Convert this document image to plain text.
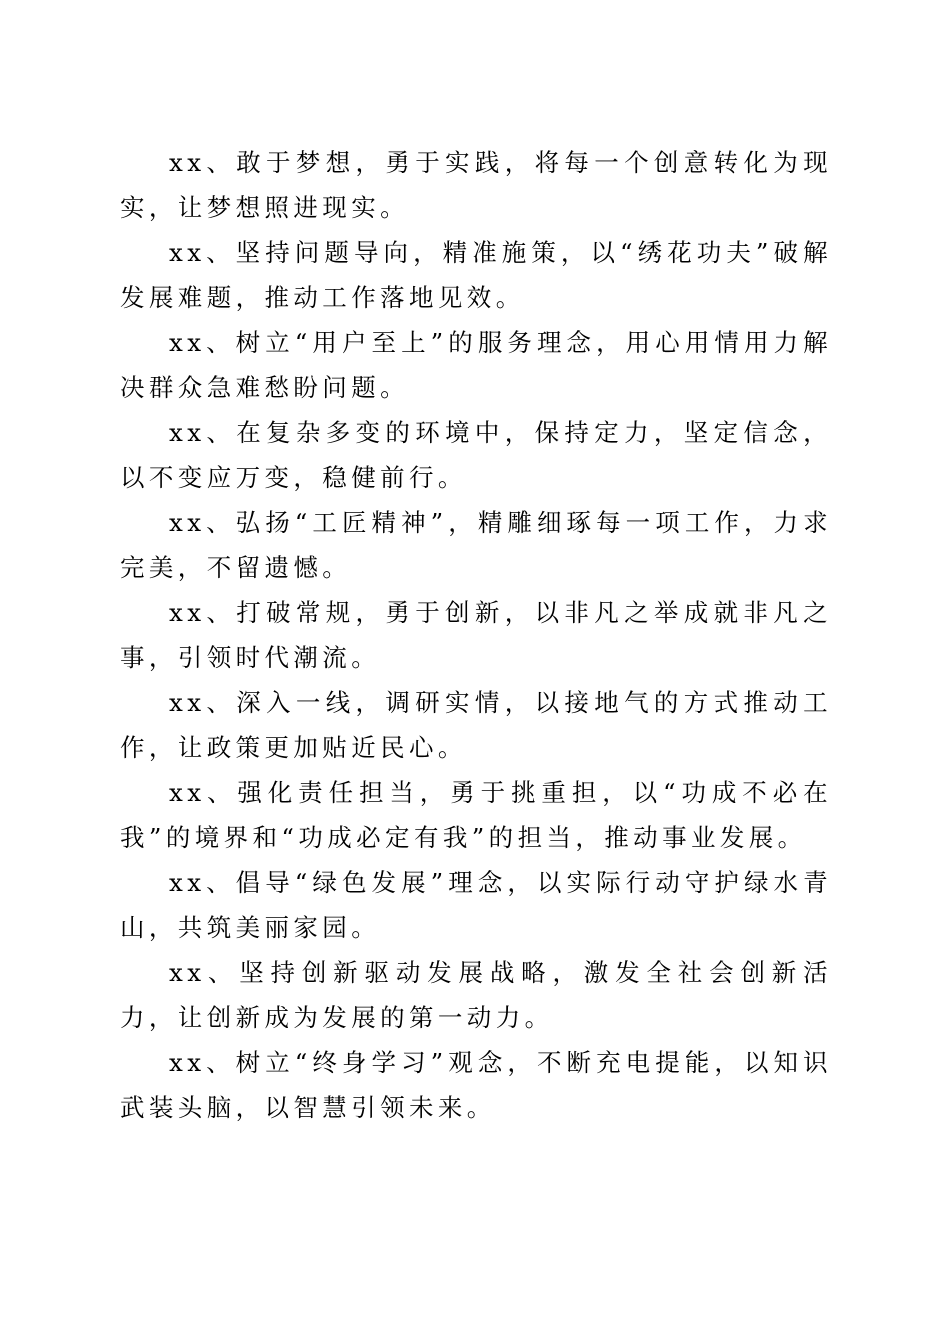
xx、敢于梦想，勇于实践，将每一个创意转化为现实，让梦想照进现实。

xx、坚持问题导向，精准施策，以“绣花功夫”破解发展难题，推动工作落地见效。

xx、树立“用户至上”的服务理念，用心用情用力解决群众急难愁盼问题。

xx、在复杂多变的环境中，保持定力，坚定信念，以不变应万变，稳健前行。

xx、弘扬“工匠精神”，精雕细琢每一项工作，力求完美，不留遗憾。

xx、打破常规，勇于创新，以非凡之举成就非凡之事，引领时代潮流。

xx、深入一线，调研实情，以接地气的方式推动工作，让政策更加贴近民心。

xx、强化责任担当，勇于挑重担，以“功成不必在我”的境界和“功成必定有我”的担当，推动事业发展。

xx、倡导“绿色发展”理念，以实际行动守护绿水青山，共筑美丽家园。

xx、坚持创新驱动发展战略，激发全社会创新活力，让创新成为发展的第一动力。

xx、树立“终身学习”观念，不断充电提能，以知识武装头脑，以智慧引领未来。
